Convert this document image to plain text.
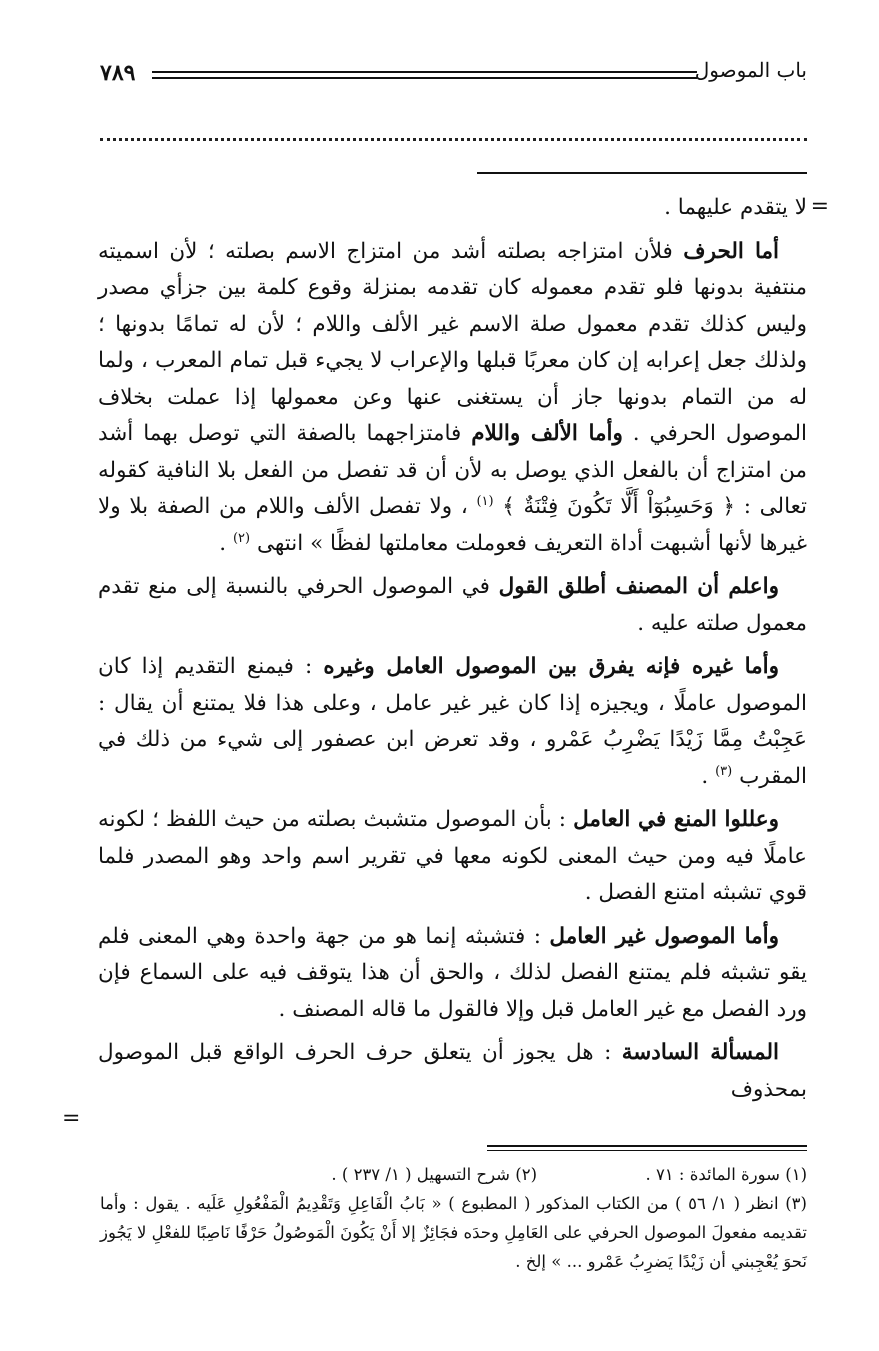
باب الموصول
٧٨٩
=

لا يتقدم عليهما .

أما الحرف فلأن امتزاجه بصلته أشد من امتزاج الاسم بصلته ؛ لأن اسميته منتفية بدونها فلو تقدم معموله كان تقدمه بمنزلة وقوع كلمة بين جزأي مصدر وليس كذلك تقدم معمول صلة الاسم غير الألف واللام ؛ لأن له تمامًا بدونها ؛ ولذلك جعل إعرابه إن كان معربًا قبلها والإعراب لا يجيء قبل تمام المعرب ، ولما له من التمام بدونها جاز أن يستغنى عنها وعن معمولها إذا عملت بخلاف الموصول الحرفي . وأما الألف واللام فامتزاجهما بالصفة التي توصل بهما أشد من امتزاج أن بالفعل الذي يوصل به لأن أن قد تفصل من الفعل بلا النافية كقوله تعالى : ﴿ وَحَسِبُوٓاْ أَلَّا تَكُونَ فِتْنَةٌ ﴾ $^{(١)}$ ، ولا تفصل الألف واللام من الصفة بلا ولا غيرها لأنها أشبهت أداة التعريف فعوملت معاملتها لفظًا » انتهى $^{(٢)}$ .

واعلم أن المصنف أطلق القول في الموصول الحرفي بالنسبة إلى منع تقدم معمول صلته عليه .

وأما غيره فإنه يفرق بين الموصول العامل وغيره : فيمنع التقديم إذا كان الموصول عاملًا ، ويجيزه إذا كان غير غير عامل ، وعلى هذا فلا يمتنع أن يقال : عَجِبْتُ مِمَّا زَيْدًا يَضْرِبُ عَمْرو ، وقد تعرض ابن عصفور إلى شيء من ذلك في المقرب $^{(٣)}$ .

وعللوا المنع في العامل : بأن الموصول متشبث بصلته من حيث اللفظ ؛ لكونه عاملًا فيه ومن حيث المعنى لكونه معها في تقرير اسم واحد وهو المصدر فلما قوي تشبثه امتنع الفصل .

وأما الموصول غير العامل : فتشبثه إنما هو من جهة واحدة وهي المعنى فلم يقو تشبثه فلم يمتنع الفصل لذلك ، والحق أن هذا يتوقف فيه على السماع فإن ورد الفصل مع غير العامل قبل وإلا فالقول ما قاله المصنف .

المسألة السادسة : هل يجوز أن يتعلق حرف الحرف الواقع قبل الموصول بمحذوف

=
(١) سورة المائدة : ٧١ .
(٢) شرح التسهيل ( ١/ ٢٣٧ ) .
(٣) انظر ( ١/ ٥٦ ) من الكتاب المذكور ( المطبوع ) « بَابُ الْفَاعِلِ وَتَقْدِيمُ الْمَفْعُولِ عَلَيه . يقول : وأما تقديمه مفعولَ الموصول الحرفي على العَامِلِ وحدَه فجَائِزٌ إلا أَنْ يَكُونَ الْمَوصُولُ حَرْفًا نَاصِبًا للفعْلِ لا يَجُوز نَحوَ يُعْجِبني أن زَيْدًا يَضرِبُ عَمْرو ... » إلخ .
